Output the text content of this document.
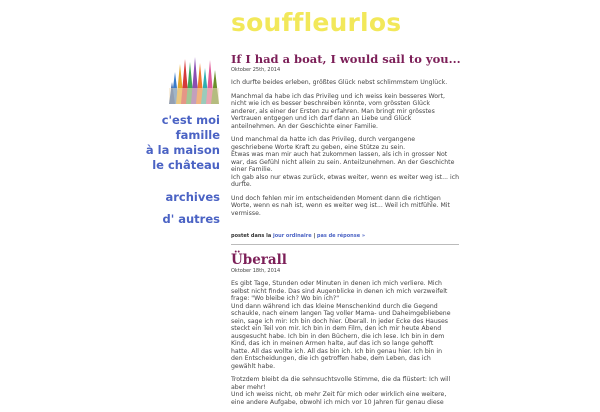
souffleurlos
c'est moi
famille
à la maison
le château
archives
d' autres
If I had a boat, I would sail to you...
Oktober 25th, 2014

Ich durfte beides erleben, größtes Glück nebst schlimmstem Unglück.

Manchmal da habe ich das Privileg und ich weiss kein besseres Wort,
nicht wie ich es besser beschreiben könnte, vom grössten Glück
anderer, als einer der Ersten zu erfahren. Man bringt mir grösstes
Vertrauen entgegen und ich darf dann an Liebe und Glück
anteilnehmen. An der Geschichte einer Familie.

Und manchmal da hatte ich das Privileg, durch vergangene
geschriebene Worte Kraft zu geben, eine Stütze zu sein.
Etwas was man mir auch hat zukommen lassen, als ich in grosser Not
war, das Gefühl nicht allein zu sein. Anteilzunehmen. An der Geschichte
einer Familie.
Ich gab also nur etwas zurück, etwas weiter, wenn es weiter weg ist... ich
durfte.

Und doch fehlen mir im entscheidenden Moment dann die richtigen
Worte, wenn es nah ist, wenn es weiter weg ist... Weil ich mitfühle. Mit
vermisse.

postet dans la jour ordinaire | pas de réponse »
Überall
Oktober 18th, 2014

Es gibt Tage, Stunden oder Minuten in denen ich mich verliere. Mich
selbst nicht finde. Das sind Augenblicke in denen ich mich verzweifelt
frage: "Wo bleibe ich? Wo bin ich?"
Und dann während ich das kleine Menschenkind durch die Gegend
schaukle, nach einem langen Tag voller Mama- und Daheimgebliebene
sein, sage ich mir: Ich bin doch hier. Überall. In jeder Ecke des Hauses
steckt ein Teil von mir. Ich bin in dem Film, den ich mir heute Abend
ausgesucht habe. Ich bin in den Büchern, die ich lese. Ich bin in dem
Kind, das ich in meinen Armen halte, auf das ich so lange gehofft
hatte. All das wollte ich. All das bin ich. Ich bin genau hier. Ich bin in
den Entscheidungen, die ich getroffen habe, dem Leben, das ich
gewählt habe.

Trotzdem bleibt da die sehnsuchtsvolle Stimme, die da flüstert: Ich will
aber mehr!
Und ich weiss nicht, ob mehr Zeit für mich oder wirklich eine weitere,
eine andere Aufgabe, obwohl ich mich vor 10 Jahren für genau diese
